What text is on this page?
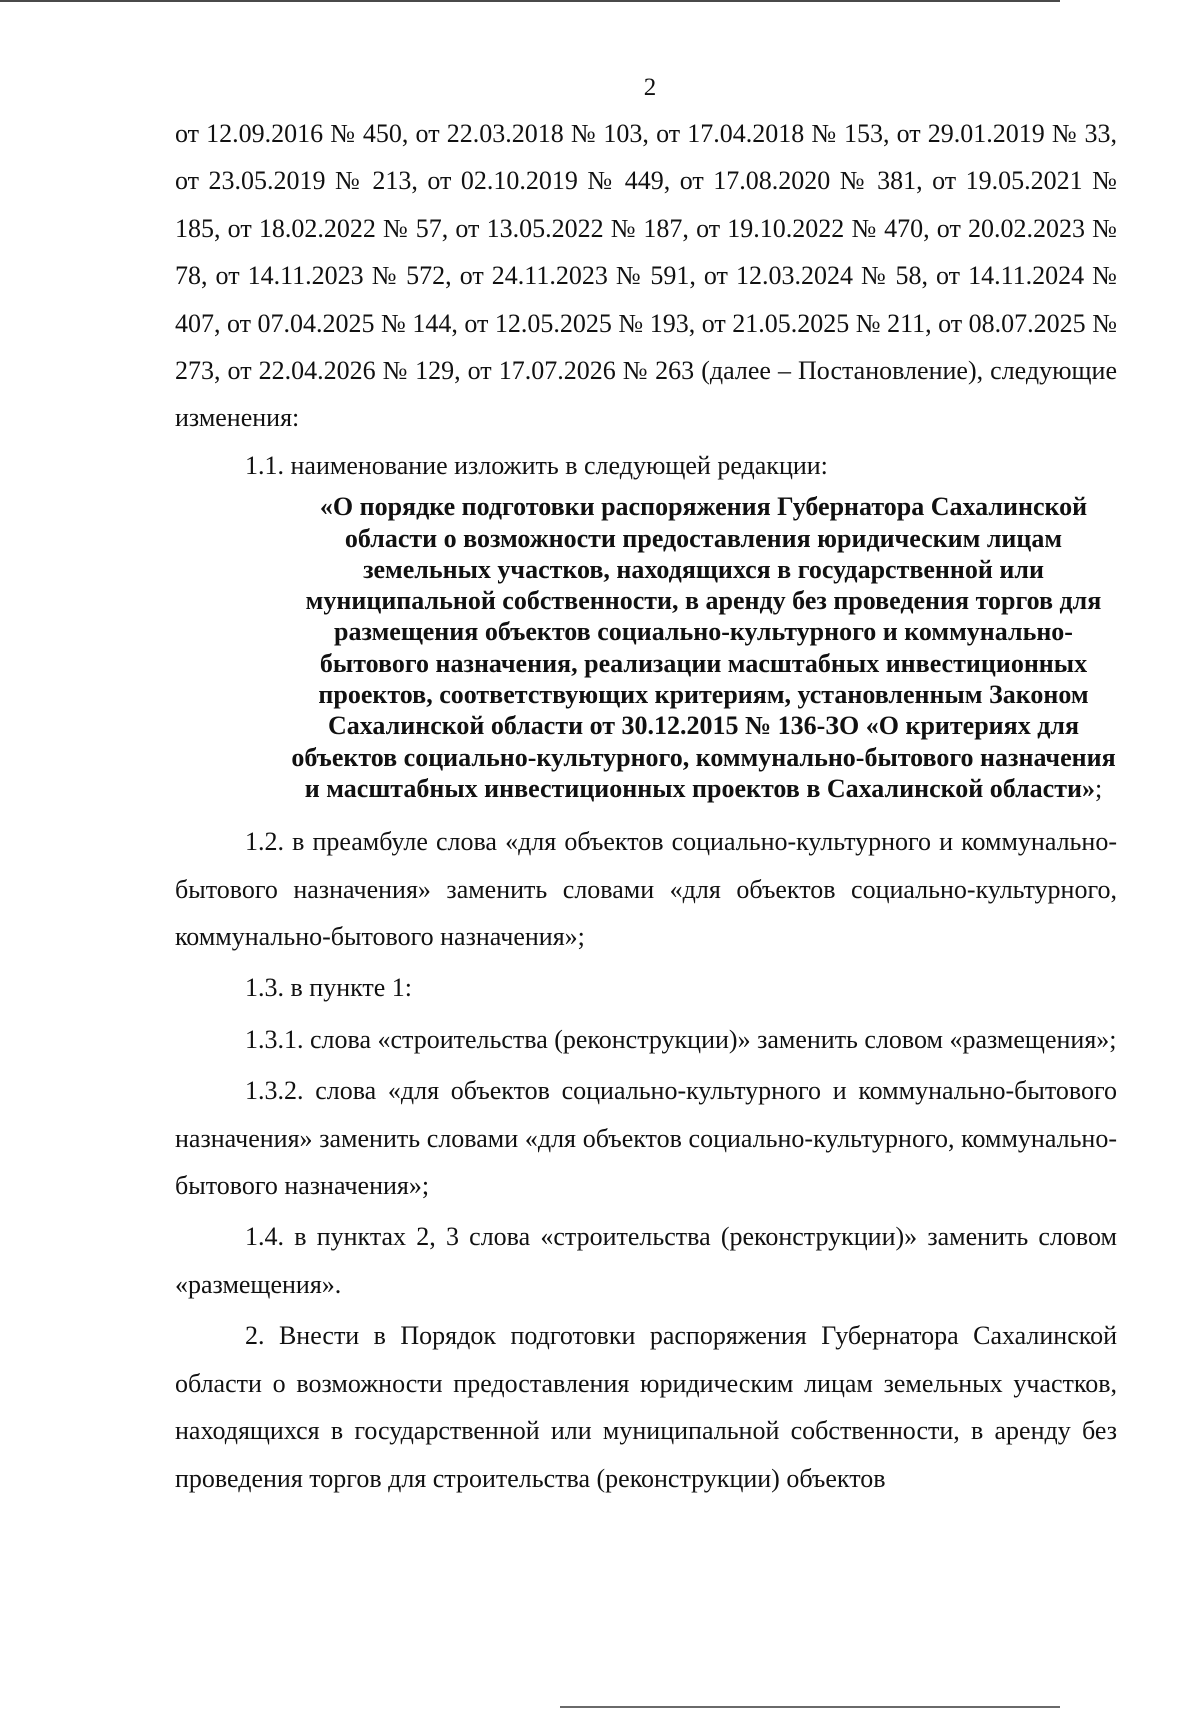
2

от 12.09.2016 № 450, от 22.03.2018 № 103, от 17.04.2018 № 153, от 29.01.2019 № 33, от 23.05.2019 № 213, от 02.10.2019 № 449, от 17.08.2020 № 381, от 19.05.2021 № 185, от 18.02.2022 № 57, от 13.05.2022 № 187, от 19.10.2022 № 470, от 20.02.2023 № 78, от 14.11.2023 № 572, от 24.11.2023 № 591, от 12.03.2024 № 58, от 14.11.2024 № 407, от 07.04.2025 № 144, от 12.05.2025 № 193, от 21.05.2025 № 211, от 08.07.2025 № 273, от 22.04.2026 № 129, от 17.07.2026 № 263 (далее – Постановление), следующие изменения:

1.1. наименование изложить в следующей редакции:

«О порядке подготовки распоряжения Губернатора Сахалинской области о возможности предоставления юридическим лицам земельных участков, находящихся в государственной или муниципальной собственности, в аренду без проведения торгов для размещения объектов социально-культурного и коммунально-бытового назначения, реализации масштабных инвестиционных проектов, соответствующих критериям, установленным Законом Сахалинской области от 30.12.2015 № 136-ЗО «О критериях для объектов социально-культурного, коммунально-бытового назначения и масштабных инвестиционных проектов в Сахалинской области»;

1.2. в преамбуле слова «для объектов социально-культурного и коммунально-бытового назначения» заменить словами «для объектов социально-культурного, коммунально-бытового назначения»;

1.3. в пункте 1:

1.3.1. слова «строительства (реконструкции)» заменить словом «размещения»;

1.3.2. слова «для объектов социально-культурного и коммунально-бытового назначения» заменить словами «для объектов социально-культурного, коммунально-бытового назначения»;

1.4. в пунктах 2, 3 слова «строительства (реконструкции)» заменить словом «размещения».

2. Внести в Порядок подготовки распоряжения Губернатора Сахалинской области о возможности предоставления юридическим лицам земельных участков, находящихся в государственной или муниципальной собственности, в аренду без проведения торгов для строительства (реконструкции) объектов
